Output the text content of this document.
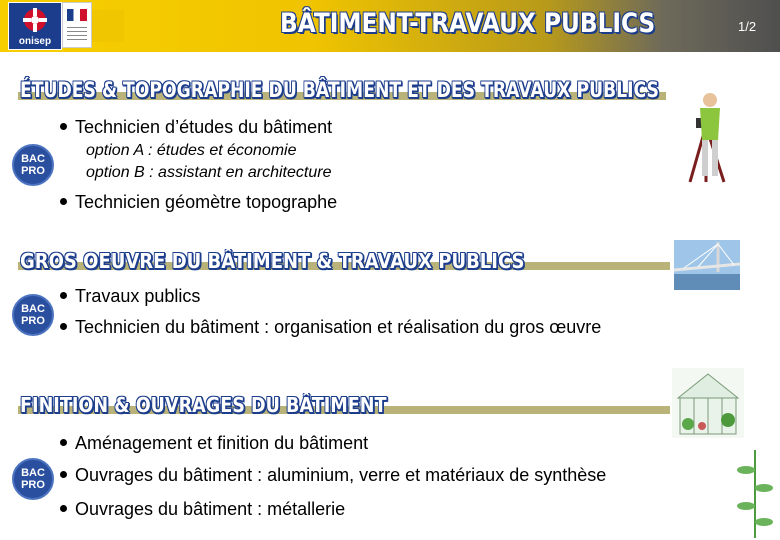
onisep
BÂTIMENT-TRAVAUX PUBLICS	1/2
ÉTUDES & TOPOGRAPHIE DU BÂTIMENT ET DES TRAVAUX PUBLICS
BAC
PRO
Technicien d’études du bâtiment
option A : études et économie
option B : assistant en architecture
Technicien géomètre topographe
GROS OEUVRE DU BÂTIMENT & TRAVAUX PUBLICS
BAC
PRO
Travaux publics
Technicien du bâtiment : organisation et réalisation du gros œuvre
FINITION & OUVRAGES DU BÂTIMENT
BAC
PRO
Aménagement et finition du bâtiment
Ouvrages du bâtiment : aluminium, verre et matériaux de synthèse
Ouvrages du bâtiment : métallerie
